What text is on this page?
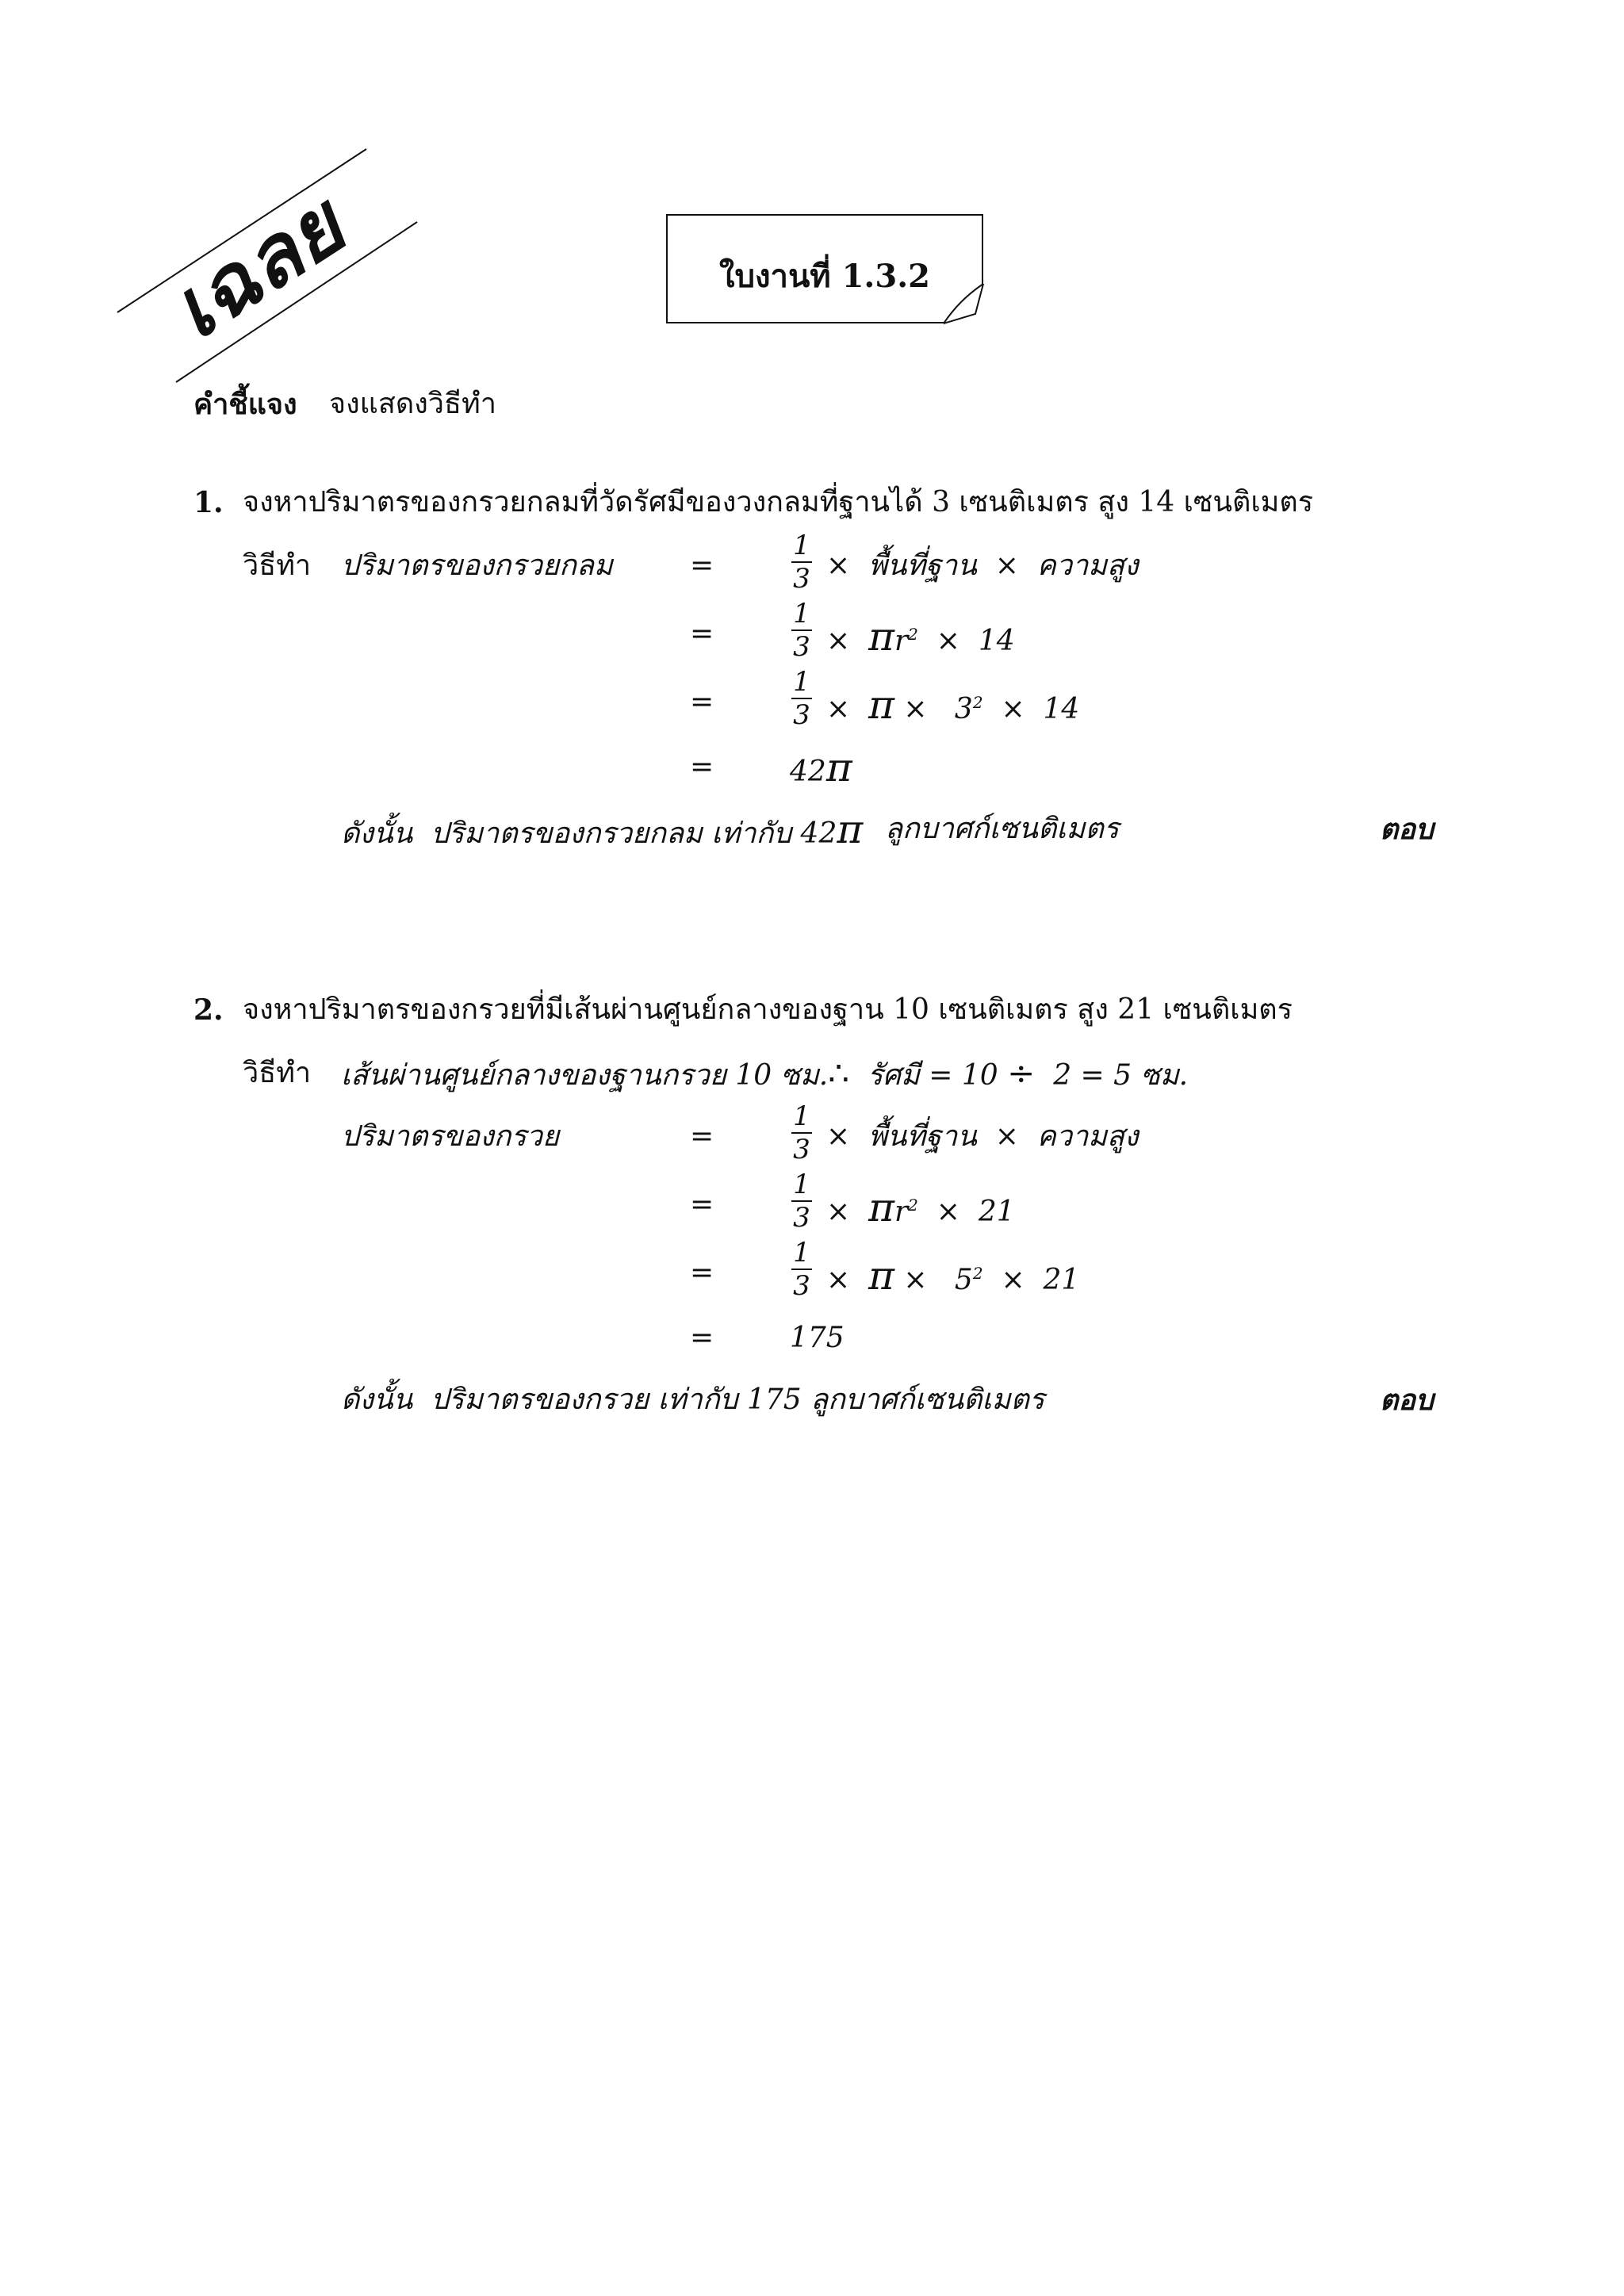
เฉลย	ใบงานที่ 1.3.2
คำชี้แจง จงแสดงวิธีทำ
1. จงหาปริมาตรของกรวยกลมที่วัดรัศมีของวงกลมที่ฐานได้ 3 เซนติเมตร สูง 14 เซนติเมตร
วิธีทำ ปริมาตรของกรวยกลม	=
1
3 × พื้นที่ฐาน × ความสูง
=
1
$3 \times \pi r^2 \times 14$
=
1
$3 \times \pi \times 3^2 \times 14$
=	42π
ดังนั้น ปริมาตรของกรวยกลม เท่ากับ 42π ลูกบาศก์เซนติเมตร	ตอบ
2. จงหาปริมาตรของกรวยที่มีเส้นผ่านศูนย์กลางของฐาน 10 เซนติเมตร สูง 21 เซนติเมตร
วิธีทำ เส้นผ่านศูนย์กลางของฐานกรวย 10 ซม.∴ รัศมี = 10 ÷ 2 = 5 ซม.
ปริมาตรของกรวย	=
1
3 × พื้นที่ฐาน × ความสูง
=
1
$3 \times \pi r^2 \times 21$
=
1
$3 \times \pi \times 5^2 \times 21$
=	175
ดังนั้น ปริมาตรของกรวย เท่ากับ 175 ลูกบาศก์เซนติเมตร	ตอบ
